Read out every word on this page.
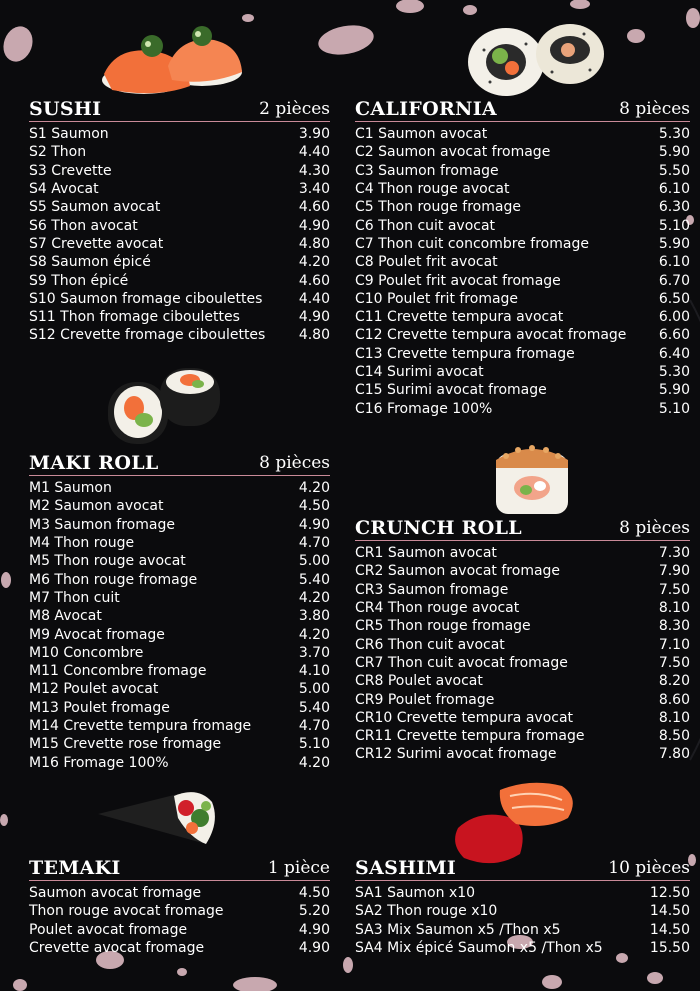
SUSHI	2 pièces
S1 Saumon	3.90
S2 Thon	4.40
S3 Crevette	4.30
S4 Avocat	3.40
S5 Saumon avocat	4.60
S6 Thon avocat	4.90
S7 Crevette avocat	4.80
S8 Saumon épicé	4.20
S9 Thon épicé	4.60
S10 Saumon fromage ciboulettes	4.40
S11 Thon fromage ciboulettes	4.90
S12 Crevette fromage ciboulettes 4.80
CALIFORNIA	8 pièces
C1 Saumon avocat	5.30
C2 Saumon avocat fromage	5.90
C3 Saumon fromage	5.50
C4 Thon rouge avocat	6.10
C5 Thon rouge fromage	6.30
C6 Thon cuit avocat	5.10
C7 Thon cuit concombre fromage	5.90
C8 Poulet frit avocat	6.10
C9 Poulet frit avocat fromage	6.70
C10 Poulet frit fromage	6.50
C11 Crevette tempura avocat	6.00
C12 Crevette tempura avocat fromage 6.60
C13 Crevette tempura fromage	6.40
C14 Surimi avocat	5.30
C15 Surimi avocat fromage	5.90
C16 Fromage 100%	5.10
MAKI ROLL	8 pièces
M1 Saumon	4.20
M2 Saumon avocat	4.50
M3 Saumon fromage	4.90
M4 Thon rouge	4.70
M5 Thon rouge avocat	5.00
M6 Thon rouge fromage	5.40
M7 Thon cuit	4.20
M8 Avocat	3.80
M9 Avocat fromage	4.20
M10 Concombre	3.70
M11 Concombre fromage	4.10
M12 Poulet avocat	5.00
M13 Poulet fromage	5.40
M14 Crevette tempura fromage	4.70
M15 Crevette rose fromage	5.10
M16 Fromage 100%	4.20
CRUNCH ROLL	8 pièces
CR1 Saumon avocat	7.30
CR2 Saumon avocat fromage	7.90
CR3 Saumon fromage	7.50
CR4 Thon rouge avocat	8.10
CR5 Thon rouge fromage	8.30
CR6 Thon cuit avocat	7.10
CR7 Thon cuit avocat fromage	7.50
CR8 Poulet avocat	8.20
CR9 Poulet fromage	8.60
CR10 Crevette tempura avocat	8.10
CR11 Crevette tempura fromage	8.50
CR12 Surimi avocat fromage	7.80
TEMAKI	1 pièce
Saumon avocat fromage	4.50
Thon rouge avocat fromage	5.20
Poulet avocat fromage	4.90
Crevette avocat fromage	4.90
SASHIMI	10 pièces
SA1 Saumon x10	12.50
SA2 Thon rouge x10	14.50
SA3 Mix Saumon x5 /Thon x5	14.50
SA4 Mix épicé Saumon x5 /Thon x5	15.50
